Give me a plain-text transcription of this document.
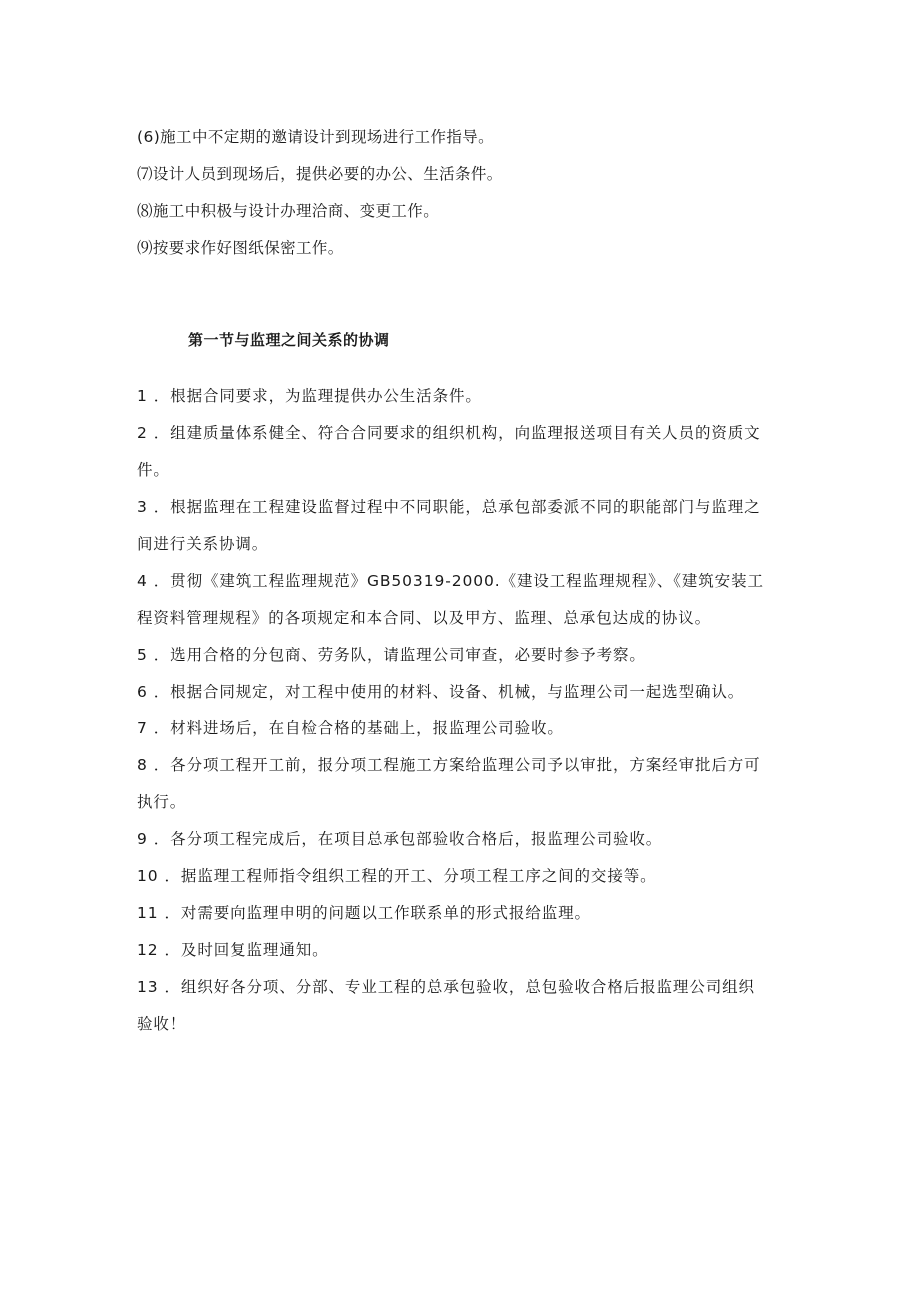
(6)施工中不定期的邀请设计到现场进行工作指导。
⑺设计人员到现场后，提供必要的办公、生活条件。
⑻施工中积极与设计办理洽商、变更工作。
⑼按要求作好图纸保密工作。
第一节与监理之间关系的协调
1 ．根据合同要求，为监理提供办公生活条件。
2 ．组建质量体系健全、符合合同要求的组织机构，向监理报送项目有关人员的资质文
件。
3 ．根据监理在工程建设监督过程中不同职能，总承包部委派不同的职能部门与监理之
间进行关系协调。
4 ．贯彻《建筑工程监理规范》GB50319-2000.《建设工程监理规程》、《建筑安装工
程资料管理规程》的各项规定和本合同、以及甲方、监理、总承包达成的协议。
5 ．选用合格的分包商、劳务队，请监理公司审查，必要时参予考察。
6 ．根据合同规定，对工程中使用的材料、设备、机械，与监理公司一起选型确认。
7 ．材料进场后，在自检合格的基础上，报监理公司验收。
8 ．各分项工程开工前，报分项工程施工方案给监理公司予以审批，方案经审批后方可
执行。
9 ．各分项工程完成后，在项目总承包部验收合格后，报监理公司验收。
10 ．据监理工程师指令组织工程的开工、分项工程工序之间的交接等。
11 ．对需要向监理申明的问题以工作联系单的形式报给监理。
12 ．及时回复监理通知。
13 ．组织好各分项、分部、专业工程的总承包验收，总包验收合格后报监理公司组织
验收！
